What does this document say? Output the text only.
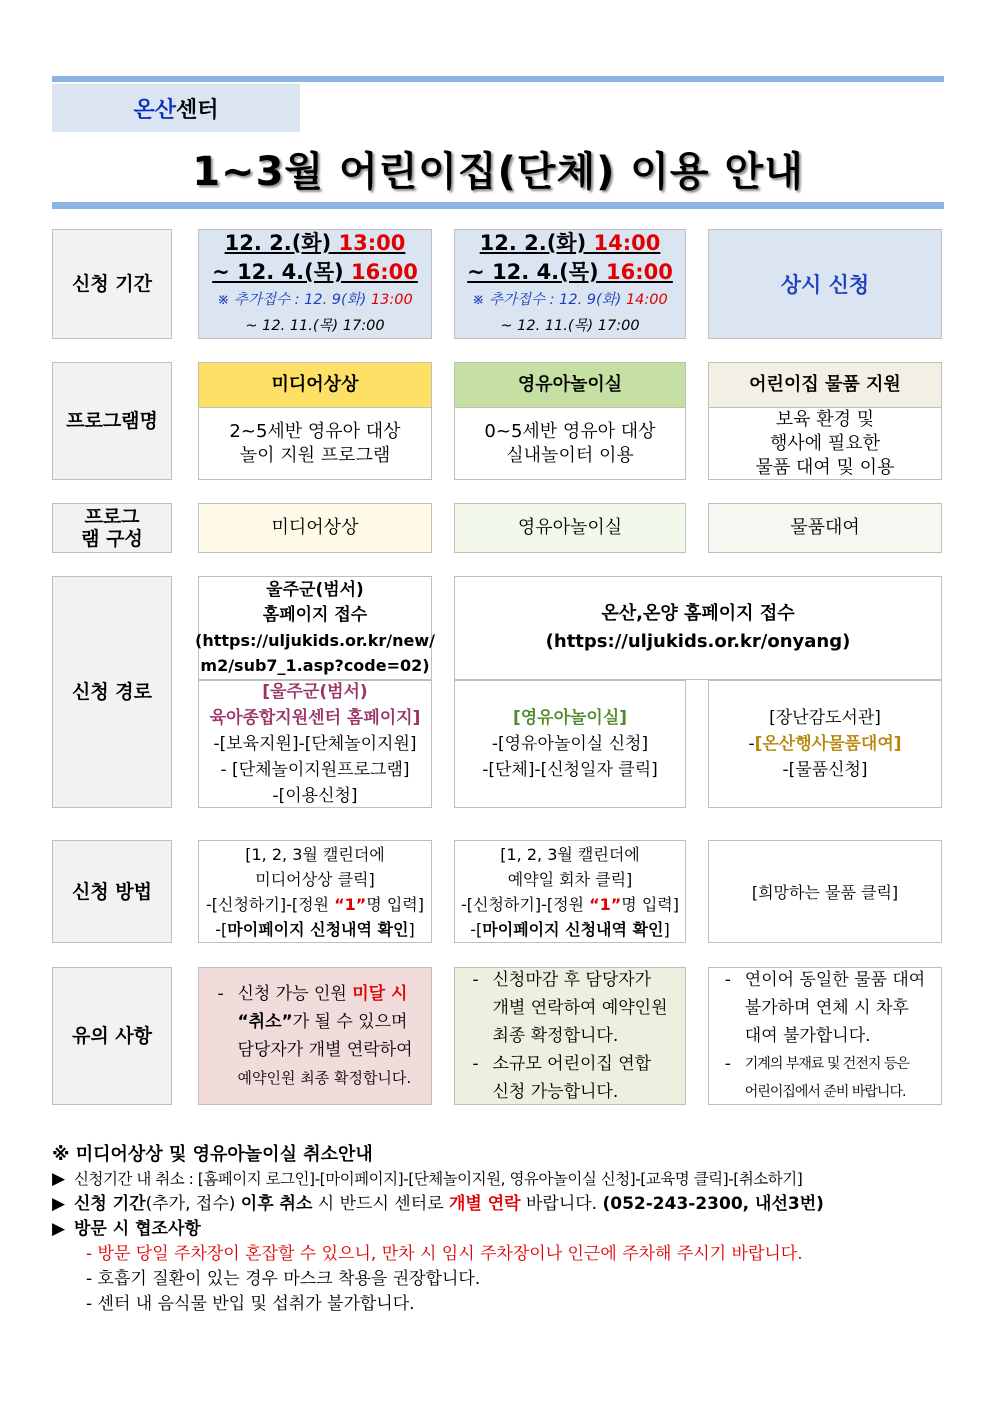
온산 센터
1~3월 어린이집(단체) 이용 안내
신청 기간
12. 2.(화) 13:00
~ 12. 4.(목) 16:00
※ 추가접수 : 12. 9(화) 13:00
~ 12. 11.(목) 17:00
12. 2.(화) 14:00
~ 12. 4.(목) 16:00
※ 추가접수 : 12. 9(화) 14:00
~ 12. 11.(목) 17:00
상시 신청
프로그램명
미디어상상
2~5세반 영유아 대상
놀이 지원 프로그램
영유아놀이실
0~5세반 영유아 대상
실내놀이터 이용
어린이집 물품 지원
보육 환경 및
행사에 필요한
물품 대여 및 이용
프로그램 구성
미디어상상	영유아놀이실	물품대여
신청 경로
울주군(범서)
홈페이지 접수
(https://uljukids.or.kr/new/
m2/sub7_1.asp?code=02)
온산,온양 홈페이지 접수
(https://uljukids.or.kr/onyang)
[울주군(범서)
육아종합지원센터 홈페이지]
-[보육지원]-[단체놀이지원]
- [단체놀이지원프로그램]
-[이용신청]
[영유아놀이실]
-[영유아놀이실 신청]
-[단체]-[신청일자 클릭]
[장난감도서관]
-[온산행사물품대여]
-[물품신청]
신청 방법
[1, 2, 3월 캘린더에
미디어상상 클릭]
-[신청하기]-[정원 “1”명 입력]
-[마이페이지 신청내역 확인]
[1, 2, 3월 캘린더에
예약일 회차 클릭]
-[신청하기]-[정원 “1”명 입력]
-[마이페이지 신청내역 확인]
[희망하는 물품 클릭]
유의 사항
- 신청 가능 인원 미달 시
“취소”가 될 수 있으며
담당자가 개별 연락하여
예약인원 최종 확정합니다.
- 신청마감 후 담당자가
개별 연락하여 예약인원
최종 확정합니다.
- 소규모 어린이집 연합
신청 가능합니다.
- 연이어 동일한 물품 대여
불가하며 연체 시 차후
대여 불가합니다.
- 기계의 부재료 및 건전지 등은
어린이집에서 준비 바랍니다.
※ 미디어상상 및 영유아놀이실 취소안내
▶ 신청기간 내 취소 : [홈페이지 로그인]-[마이페이지]-[단체놀이지원, 영유아놀이실 신청]-[교육명 클릭]-[취소하기]
▶ 신청 기간(추가, 접수) 이후 취소 시 반드시 센터로 개별 연락 바랍니다. (052-243-2300, 내선3번)
▶ 방문 시 협조사항
- 방문 당일 주차장이 혼잡할 수 있으니, 만차 시 임시 주차장이나 인근에 주차해 주시기 바랍니다.
- 호흡기 질환이 있는 경우 마스크 착용을 권장합니다.
- 센터 내 음식물 반입 및 섭취가 불가합니다.
